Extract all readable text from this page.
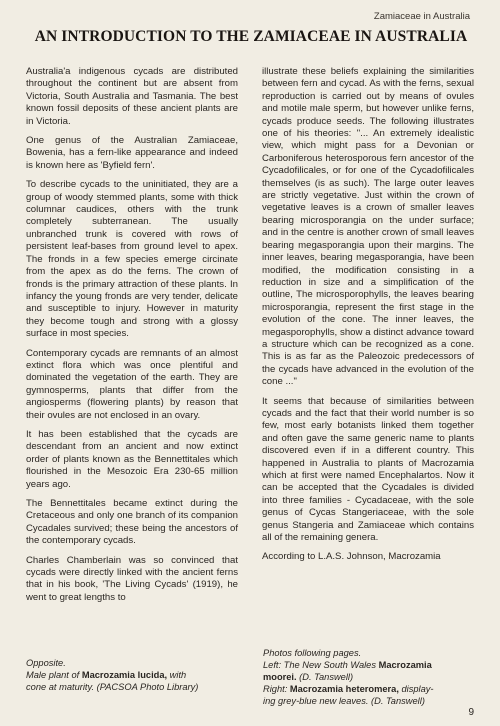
Zamiaceae in Australia
AN INTRODUCTION TO THE ZAMIACEAE IN AUSTRALIA

Australia'a indigenous cycads are distributed throughout the continent but are absent from Victoria, South Australia and Tasmania. The best known fossil deposits of these ancient plants are in Victoria.

One genus of the Australian Zamiaceae, Bowenia, has a fern-like appearance and indeed is known here as 'Byfield fern'.

To describe cycads to the uninitiated, they are a group of woody stemmed plants, some with thick columnar caudices, others with the trunk completely subterranean. The usually unbranched trunk is covered with rows of persistent leaf-bases from ground level to apex. The fronds in a few species emerge circinate from the apex as do the ferns. The crown of fronds is the primary attraction of these plants. In infancy the young fronds are very tender, delicate and susceptible to injury. However in maturity they become tough and strong with a glossy surface in most species.

Contemporary cycads are remnants of an almost extinct flora which was once plentiful and dominated the vegetation of the earth. They are gymnosperms, plants that differ from the angiosperms (flowering plants) by reason that their ovules are not enclosed in an ovary.

It has been established that the cycads are descendant from an ancient and now extinct order of plants known as the Bennettitales which flourished in the Mesozoic Era 230-65 million years ago.

The Bennettitales became extinct during the Cretaceous and only one branch of its companion Cycadales survived; these being the ancestors of the contemporary cycads.

Charles Chamberlain was so convinced that cycads were directly linked with the ancient ferns that in his book, 'The Living Cycads' (1919), he went to great lengths to

illustrate these beliefs explaining the similarities between fern and cycad. As with the ferns, sexual reproduction is carried out by means of ovules and motile male sperm, but however unlike ferns, cycads produce seeds. The following illustrates one of his theories: "... An extremely idealistic view, which might pass for a Devonian or Carboniferous heterosporous fern ancestor of the Cycadofilicales, or for one of the Cycadofilicales themselves (is as such). The large outer leaves are strictly vegetative. Just within the crown of vegetative leaves is a crown of smaller leaves bearing microsporangia on the under surface; and in the centre is another crown of small leaves bearing megasporangia upon their margins. The inner leaves, bearing megasporangia, have been modified, the modification consisting in a reduction in size and a simplification of the outline, The microsporophylls, the leaves bearing microsporangia, represent the first stage in the evolution of the cone. The inner leaves, the megasporophylls, show a distinct advance toward a structure which can be recognized as a cone. This is as far as the Paleozoic predecessors of the cycads have advanced in the evolution of the cone ..."

It seems that because of similarities between cycads and the fact that their world number is so few, most early botanists linked them together and often gave the same generic name to plants discovered even if in a different country. This happened in Australia to plants of Macrozamia which at first were named Encephalartos. Now it can be accepted that the Cycadales is divided into three families - Cycadaceae, with the sole genus of Cycas Stangeriaceae, with the sole genus Stangeria and Zamiaceae which contains all of the remaining genera.

According to L.A.S. Johnson, Macrozamia

Opposite.
Male plant of Macrozamia lucida, with
cone at maturity. (PACSOA Photo Library)
Photos following pages.
Left: The New South Wales Macrozamia
moorei. (D. Tanswell)
Right: Macrozamia heteromera, display-
ing grey-blue new leaves. (D. Tanswell)
9
